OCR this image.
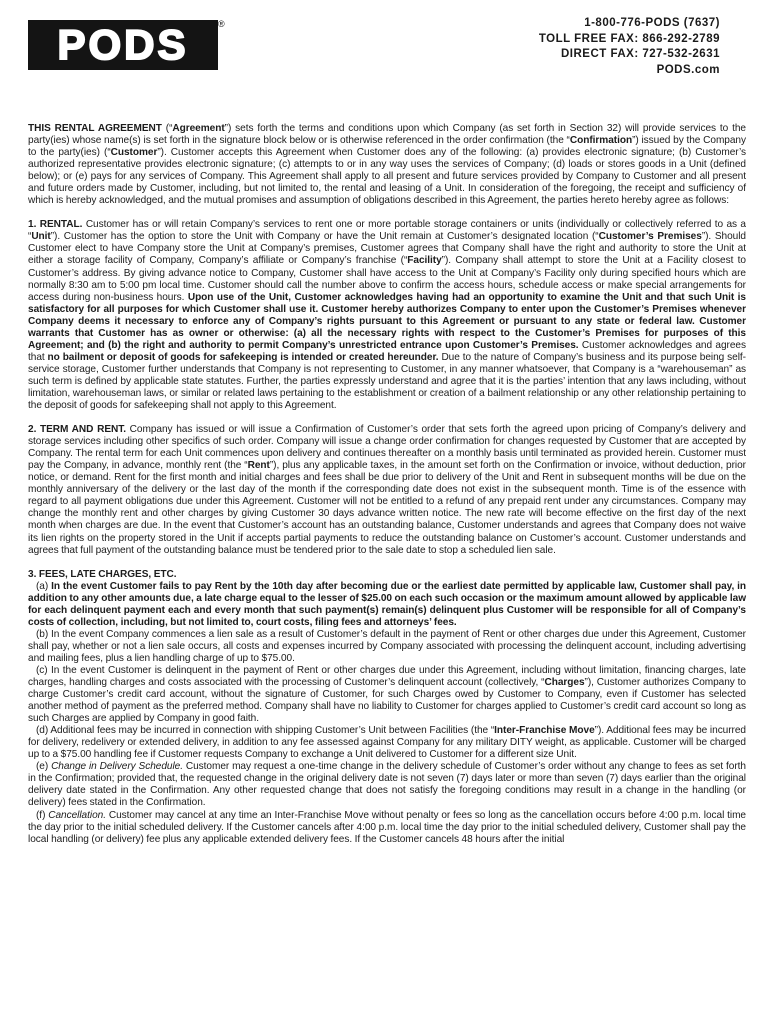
PODS	®	1-800-776-PODS (7637)
TOLL FREE FAX: 866-292-2789
DIRECT FAX: 727-532-2631
PODS.com

THIS RENTAL AGREEMENT (“Agreement”) sets forth the terms and conditions upon which Company (as set forth in Section 32) will provide services to the party(ies) whose name(s) is set forth in the signature block below or is otherwise referenced in the order confirmation (the “Confirmation”) issued by the Company to the party(ies) (“Customer”). Customer accepts this Agreement when Customer does any of the following: (a) provides electronic signature; (b) Customer’s authorized representative provides electronic signature; (c) attempts to or in any way uses the services of Company; (d) loads or stores goods in a Unit (defined below); or (e) pays for any services of Company. This Agreement shall apply to all present and future services provided by Company to Customer and all present and future orders made by Customer, including, but not limited to, the rental and leasing of a Unit. In consideration of the foregoing, the receipt and sufficiency of which is hereby acknowledged, and the mutual promises and assumption of obligations described in this Agreement, the parties hereto hereby agree as follows:

1. RENTAL. Customer has or will retain Company’s services to rent one or more portable storage containers or units (individually or collectively referred to as a “Unit”). Customer has the option to store the Unit with Company or have the Unit remain at Customer’s designated location (“Customer’s Premises”). Should Customer elect to have Company store the Unit at Company’s premises, Customer agrees that Company shall have the right and authority to store the Unit at either a storage facility of Company, Company’s affiliate or Company’s franchise (“Facility”). Company shall attempt to store the Unit at a Facility closest to Customer’s address. By giving advance notice to Company, Customer shall have access to the Unit at Company’s Facility only during specified hours which are normally 8:30 am to 5:00 pm local time. Customer should call the number above to confirm the access hours, schedule access or make special arrangements for access during non-business hours. Upon use of the Unit, Customer acknowledges having had an opportunity to examine the Unit and that such Unit is satisfactory for all purposes for which Customer shall use it. Customer hereby authorizes Company to enter upon the Customer’s Premises whenever Company deems it necessary to enforce any of Company’s rights pursuant to this Agreement or pursuant to any state or federal law. Customer warrants that Customer has as owner or otherwise: (a) all the necessary rights with respect to the Customer’s Premises for purposes of this Agreement; and (b) the right and authority to permit Company’s unrestricted entrance upon Customer’s Premises. Customer acknowledges and agrees that no bailment or deposit of goods for safekeeping is intended or created hereunder. Due to the nature of Company’s business and its purpose being self-service storage, Customer further understands that Company is not representing to Customer, in any manner whatsoever, that Company is a “warehouseman” as such term is defined by applicable state statutes. Further, the parties expressly understand and agree that it is the parties’ intention that any laws including, without limitation, warehouseman laws, or similar or related laws pertaining to the establishment or creation of a bailment relationship or any other relationship pertaining to the deposit of goods for safekeeping shall not apply to this Agreement.

2. TERM AND RENT. Company has issued or will issue a Confirmation of Customer’s order that sets forth the agreed upon pricing of Company’s delivery and storage services including other specifics of such order. Company will issue a change order confirmation for changes requested by Customer that are accepted by Company. The rental term for each Unit commences upon delivery and continues thereafter on a monthly basis until terminated as provided herein. Customer must pay the Company, in advance, monthly rent (the “Rent”), plus any applicable taxes, in the amount set forth on the Confirmation or invoice, without deduction, prior notice, or demand. Rent for the first month and initial charges and fees shall be due prior to delivery of the Unit and Rent in subsequent months will be due on the monthly anniversary of the delivery or the last day of the month if the corresponding date does not exist in the subsequent month. Time is of the essence with regard to all payment obligations due under this Agreement. Customer will not be entitled to a refund of any prepaid rent under any circumstances. Company may change the monthly rent and other charges by giving Customer 30 days advance written notice. The new rate will become effective on the first day of the next month when charges are due. In the event that Customer’s account has an outstanding balance, Customer understands and agrees that Company does not waive its lien rights on the property stored in the Unit if accepts partial payments to reduce the outstanding balance on Customer’s account. Customer understands and agrees that full payment of the outstanding balance must be tendered prior to the sale date to stop a scheduled lien sale.

3. FEES, LATE CHARGES, ETC.

(a) In the event Customer fails to pay Rent by the 10th day after becoming due or the earliest date permitted by applicable law, Customer shall pay, in addition to any other amounts due, a late charge equal to the lesser of $25.00 on each such occasion or the maximum amount allowed by applicable law for each delinquent payment each and every month that such payment(s) remain(s) delinquent plus Customer will be responsible for all of Company’s costs of collection, including, but not limited to, court costs, filing fees and attorneys’ fees.

(b) In the event Company commences a lien sale as a result of Customer’s default in the payment of Rent or other charges due under this Agreement, Customer shall pay, whether or not a lien sale occurs, all costs and expenses incurred by Company associated with processing the delinquent account, including advertising and mailing fees, plus a lien handling charge of up to $75.00.

(c) In the event Customer is delinquent in the payment of Rent or other charges due under this Agreement, including without limitation, financing charges, late charges, handling charges and costs associated with the processing of Customer’s delinquent account (collectively, “Charges”), Customer authorizes Company to charge Customer’s credit card account, without the signature of Customer, for such Charges owed by Customer to Company, even if Customer has selected another method of payment as the preferred method. Company shall have no liability to Customer for charges applied to Customer’s credit card account so long as such Charges are applied by Company in good faith.

(d) Additional fees may be incurred in connection with shipping Customer’s Unit between Facilities (the “Inter-Franchise Move”). Additional fees may be incurred for delivery, redelivery or extended delivery, in addition to any fee assessed against Company for any military DITY weight, as applicable. Customer will be charged up to a $75.00 handling fee if Customer requests Company to exchange a Unit delivered to Customer for a different size Unit.

(e) Change in Delivery Schedule. Customer may request a one-time change in the delivery schedule of Customer’s order without any change to fees as set forth in the Confirmation; provided that, the requested change in the original delivery date is not seven (7) days later or more than seven (7) days earlier than the original delivery date stated in the Confirmation. Any other requested change that does not satisfy the foregoing conditions may result in a change in the handling (or delivery) fees stated in the Confirmation.

(f) Cancellation. Customer may cancel at any time an Inter-Franchise Move without penalty or fees so long as the cancellation occurs before 4:00 p.m. local time the day prior to the initial scheduled delivery. If the Customer cancels after 4:00 p.m. local time the day prior to the initial scheduled delivery, Customer shall pay the local handling (or delivery) fee plus any applicable extended delivery fees. If the Customer cancels 48 hours after the initial
